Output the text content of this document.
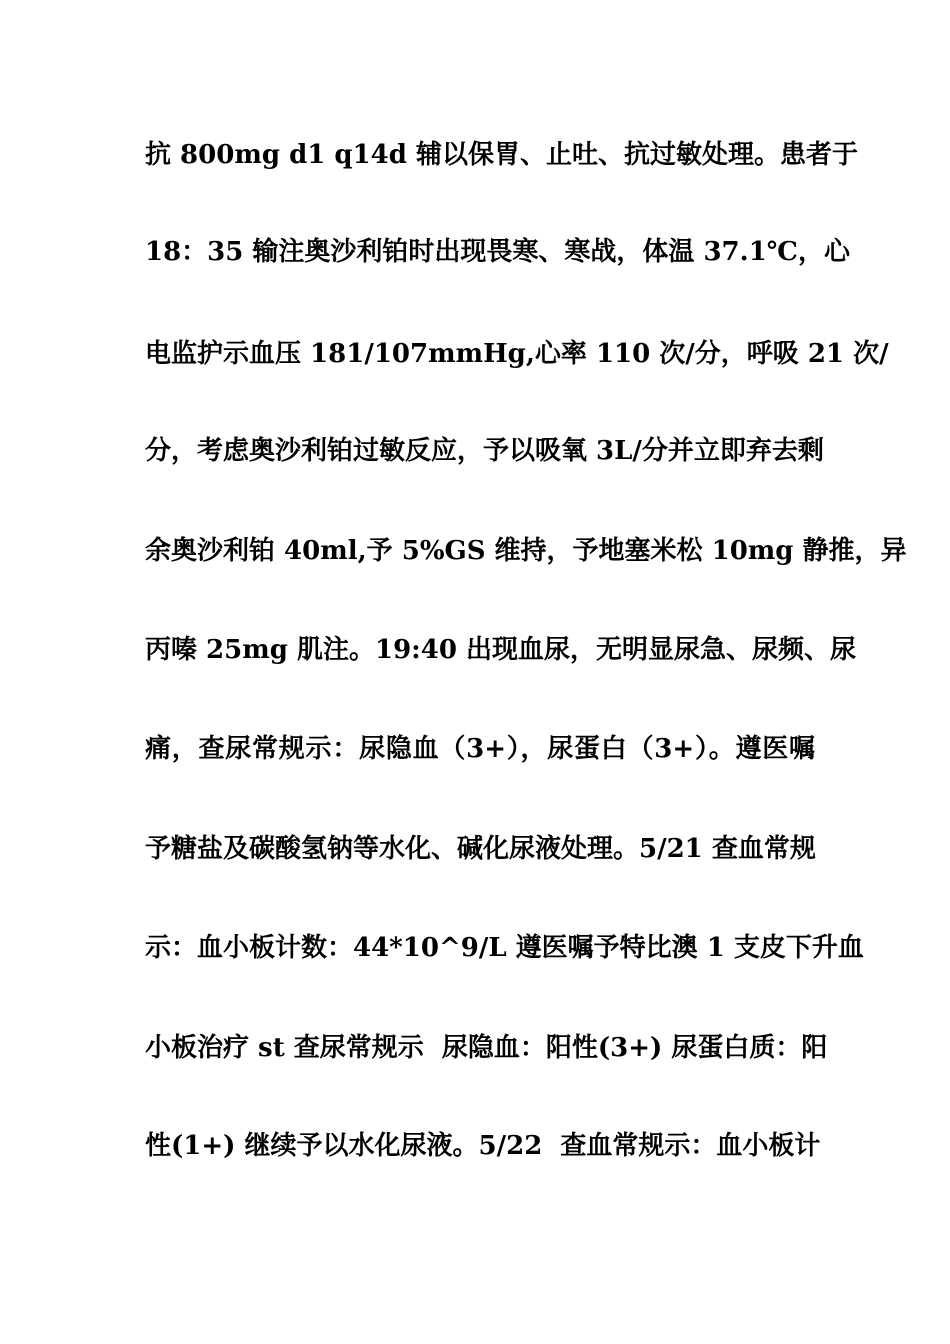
抗 800mg d1 q14d 辅以保胃、止吐、抗过敏处理。患者于
18：35 输注奥沙利铂时出现畏寒、寒战，体温 37.1℃，心
电监护示血压 181/107mmHg,心率 110 次/分，呼吸 21 次/
分，考虑奥沙利铂过敏反应，予以吸氧 3L/分并立即弃去剩
余奥沙利铂 40ml,予 5%GS 维持，予地塞米松 10mg 静推，异
丙嗪 25mg 肌注。19:40 出现血尿，无明显尿急、尿频、尿
痛，查尿常规示：尿隐血（3+），尿蛋白（3+）。遵医嘱
予糖盐及碳酸氢钠等水化、碱化尿液处理。5/21 查血常规
示：血小板计数：44*10^9/L 遵医嘱予特比澳 1 支皮下升血
小板治疗 st 查尿常规示  尿隐血：阳性(3+) 尿蛋白质：阳
性(1+) 继续予以水化尿液。5/22  查血常规示：血小板计
